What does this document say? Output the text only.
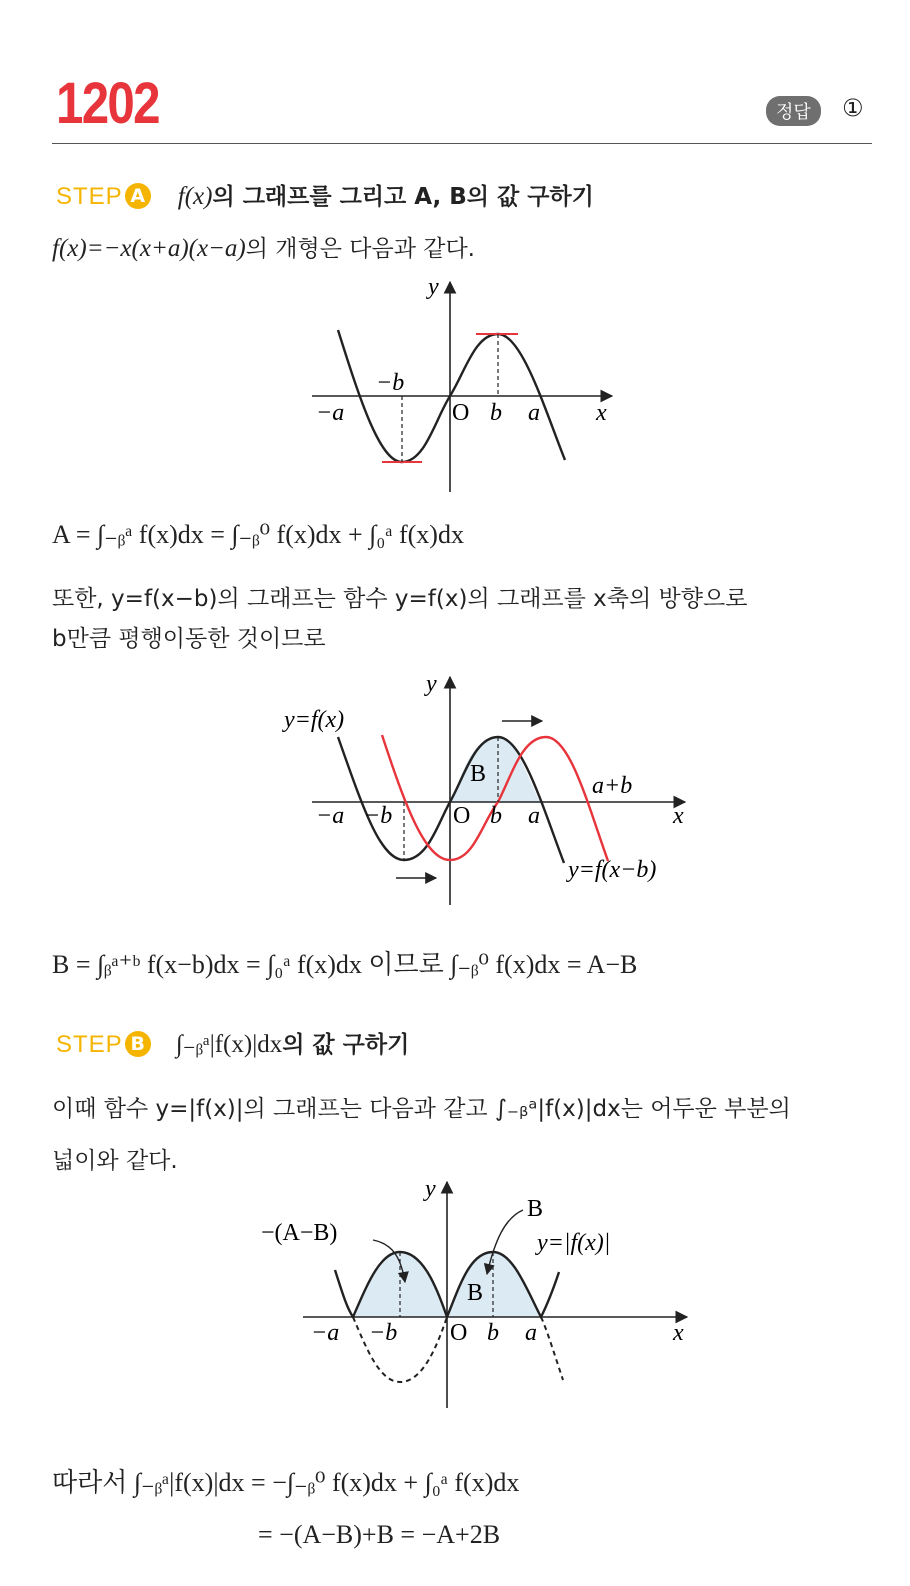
1202	정답	①
STEP A f(x)의 그래프를 그리고 A, B의 값 구하기
f(x)=−x(x+a)(x−a)의 개형은 다음과 같다.
y
x
−b
−a	O b a
A = ∫₋ᵦᵃ f(x)dx = ∫₋ᵦ⁰ f(x)dx + ∫₀ᵃ f(x)dx
또한, y=f(x−b)의 그래프는 함수 y=f(x)의 그래프를 x축의 방향으로
b만큼 평행이동한 것이므로
y
x
y=f(x)
y=f(x−b)
B	a+b
−a −b	O b a
B = ∫ᵦᵃ⁺ᵇ f(x−b)dx = ∫₀ᵃ f(x)dx 이므로 ∫₋ᵦ⁰ f(x)dx = A−B
STEP B ∫₋ᵦᵃ|f(x)|dx의 값 구하기
이때 함수 y=|f(x)|의 그래프는 다음과 같고 ∫₋ᵦᵃ|f(x)|dx는 어두운 부분의
넓이와 같다.
y
x
−(A−B)
B
y=|f(x)|
B
−a −b O b a
따라서 ∫₋ᵦᵃ|f(x)|dx = −∫₋ᵦ⁰ f(x)dx + ∫₀ᵃ f(x)dx
= −(A−B)+B = −A+2B
